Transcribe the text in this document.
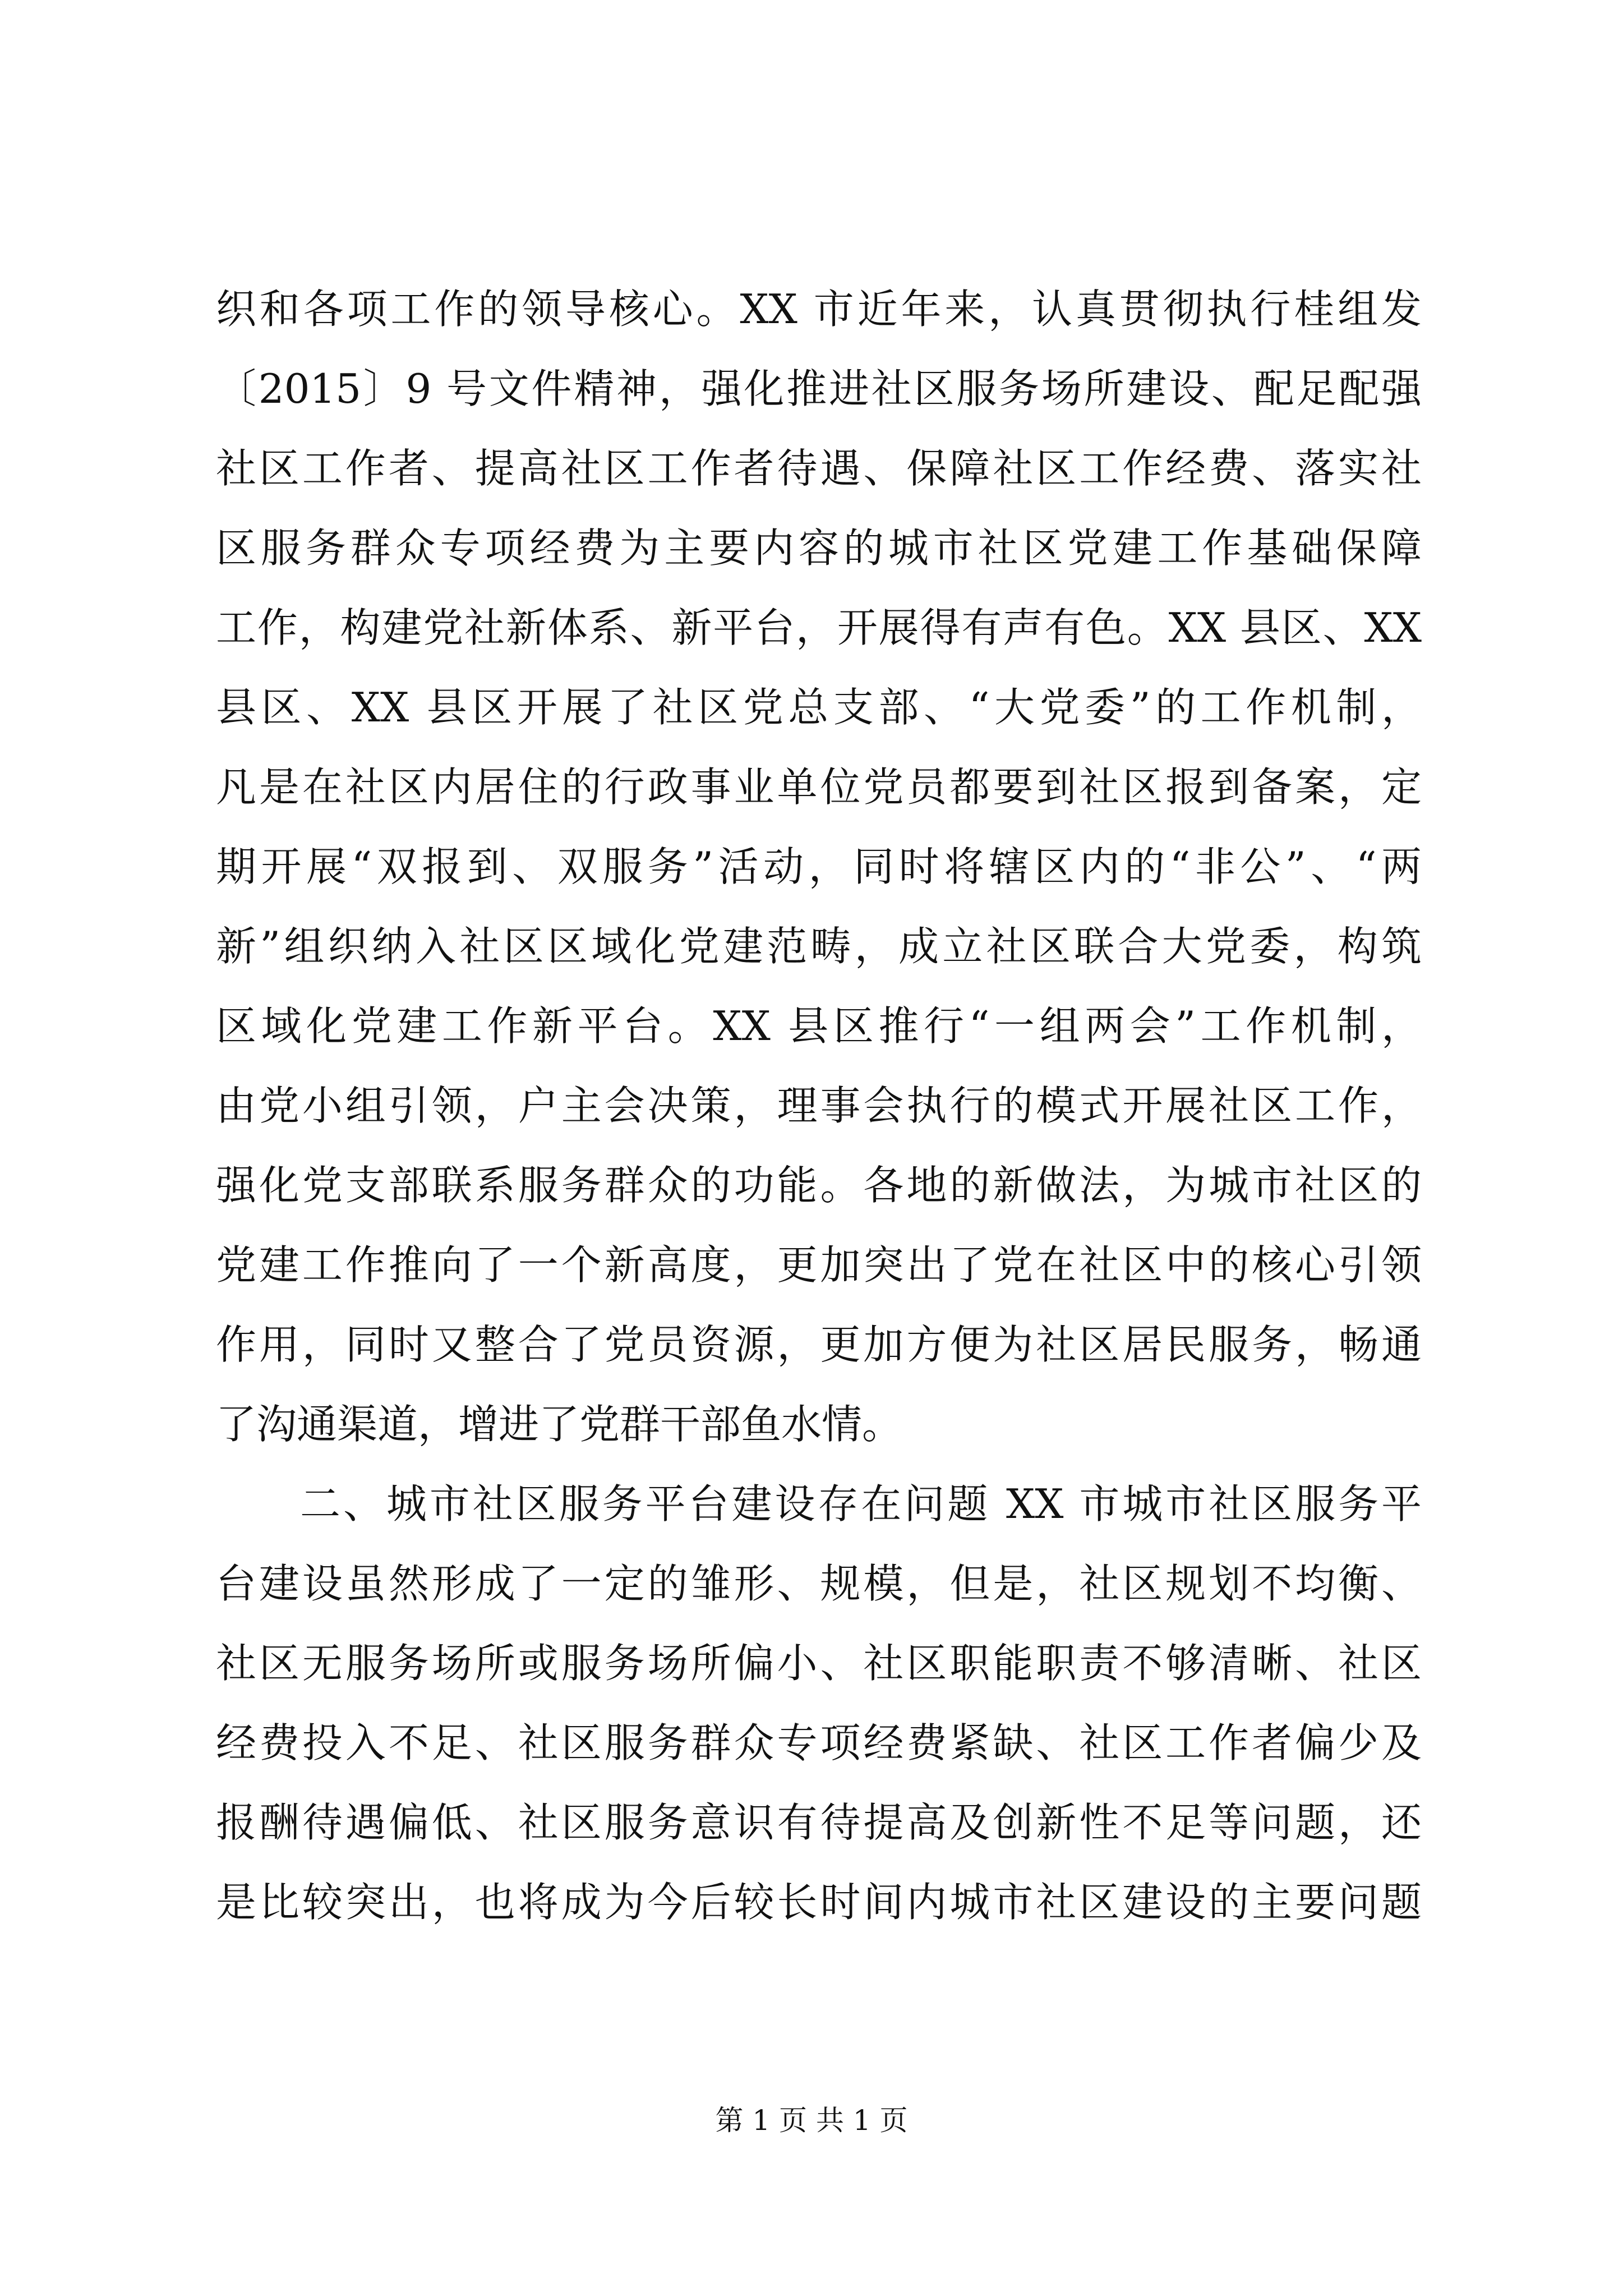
织和各项工作的领导核心。XX 市近年来，认真贯彻执行桂组发
〔2015〕9 号文件精神，强化推进社区服务场所建设、配足配强
社区工作者、提高社区工作者待遇、保障社区工作经费、落实社
区服务群众专项经费为主要内容的城市社区党建工作基础保障
工作，构建党社新体系、新平台，开展得有声有色。XX 县区、XX
县区、XX 县区开展了社区党总支部、“大党委”的工作机制，
凡是在社区内居住的行政事业单位党员都要到社区报到备案，定
期开展“双报到、双服务”活动，同时将辖区内的“非公”、“两
新”组织纳入社区区域化党建范畴，成立社区联合大党委，构筑
区域化党建工作新平台。XX 县区推行“一组两会”工作机制，
由党小组引领，户主会决策，理事会执行的模式开展社区工作，
强化党支部联系服务群众的功能。各地的新做法，为城市社区的
党建工作推向了一个新高度，更加突出了党在社区中的核心引领
作用，同时又整合了党员资源，更加方便为社区居民服务，畅通
了沟通渠道，增进了党群干部鱼水情。
二、城市社区服务平台建设存在问题 XX 市城市社区服务平
台建设虽然形成了一定的雏形、规模，但是，社区规划不均衡、
社区无服务场所或服务场所偏小、社区职能职责不够清晰、社区
经费投入不足、社区服务群众专项经费紧缺、社区工作者偏少及
报酬待遇偏低、社区服务意识有待提高及创新性不足等问题，还
是比较突出，也将成为今后较长时间内城市社区建设的主要问题
第 1 页 共 1 页
